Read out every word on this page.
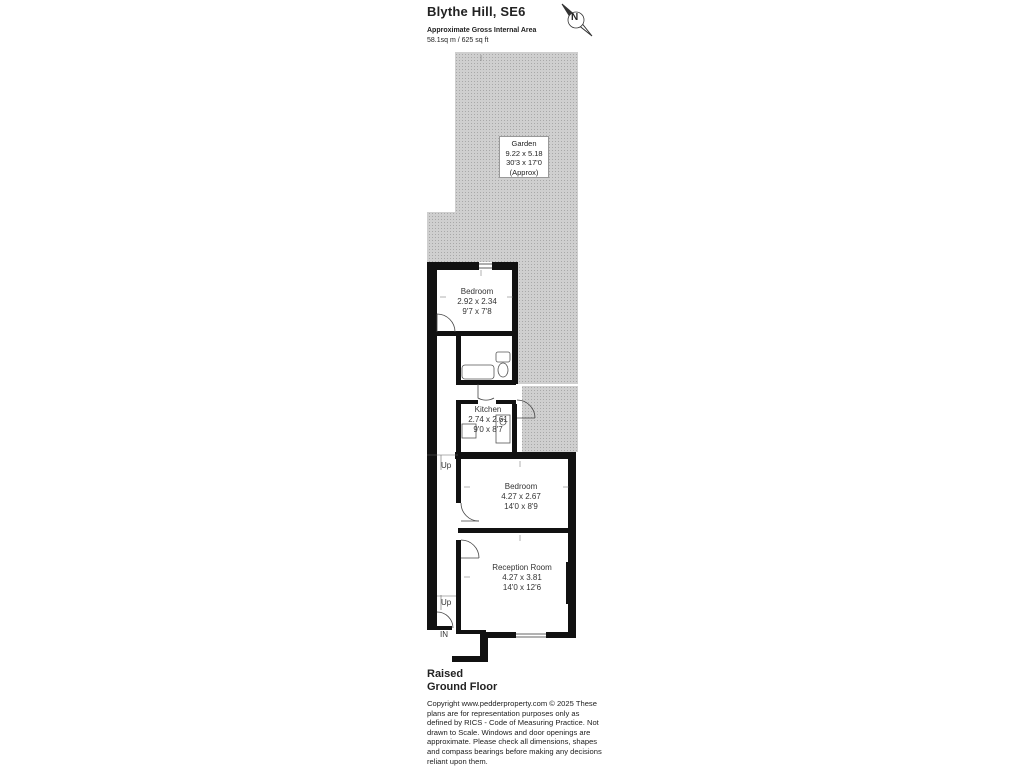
Blythe Hill, SE6
Approximate Gross Internal Area
58.1sq m / 625 sq ft
N
Garden
9.22 x 5.18
30'3 x 17'0
(Approx)
Bedroom
2.92 x 2.34
9'7 x 7'8
Kitchen
2.74 x 2.61
9'0 x 8'7
Bedroom
4.27 x 2.67
14'0 x 8'9
Reception Room
4.27 x 3.81
14'0 x 12'6
Up
Up
IN
Raised
Ground Floor
Copyright www.pedderproperty.com © 2025 These plans are for representation purposes only as defined by RICS - Code of Measuring Practice. Not drawn to Scale. Windows and door openings are approximate. Please check all dimensions, shapes and compass bearings before making any decisions reliant upon them.
